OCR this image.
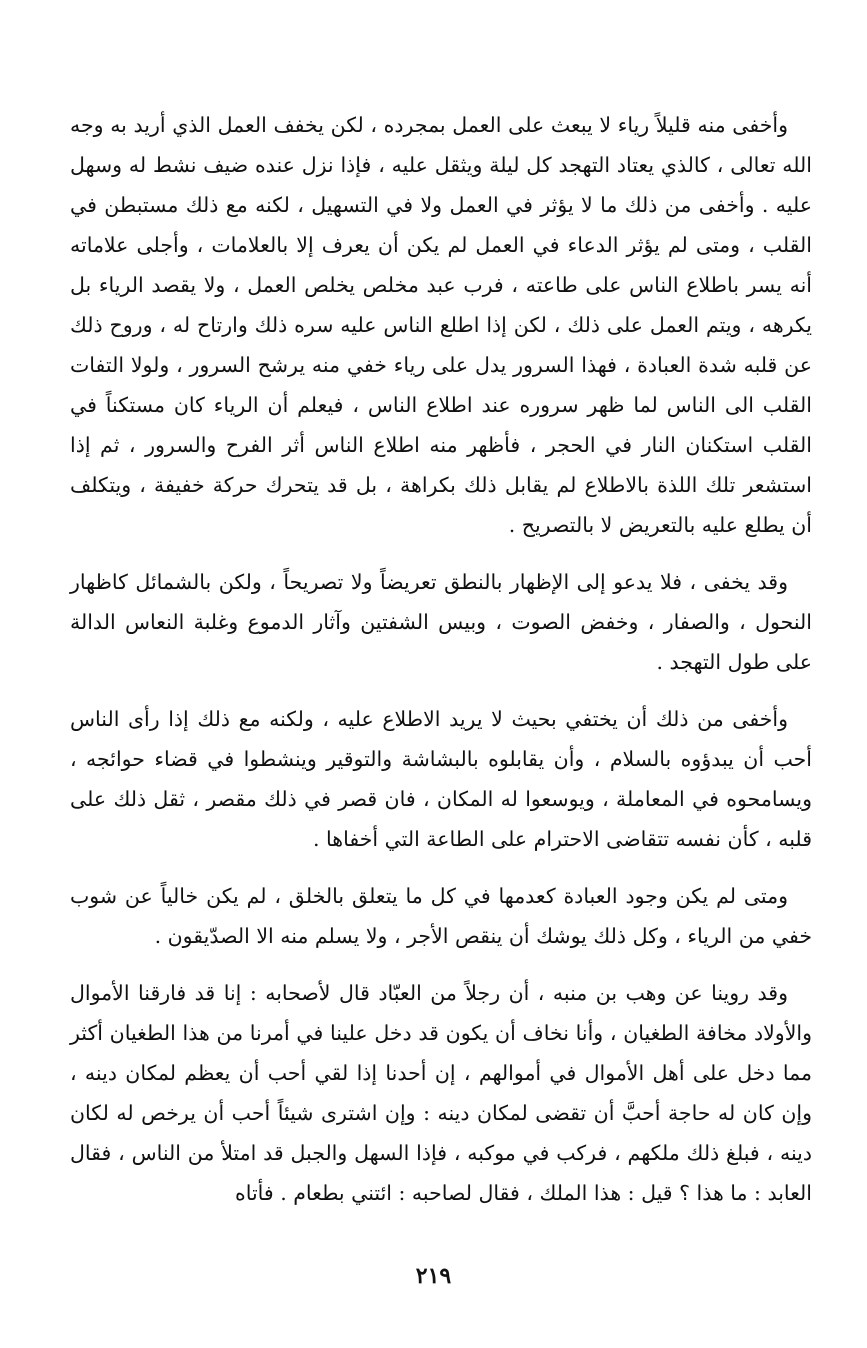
وأخفى منه قليلاً رياء لا يبعث على العمل بمجرده ، لكن يخفف العمل الذي أريد به وجه الله تعالى ، كالذي يعتاد التهجد كل ليلة ويثقل عليه ، فإذا نزل عنده ضيف نشط له وسهل عليه . وأخفى من ذلك ما لا يؤثر في العمل ولا في التسهيل ، لكنه مع ذلك مستبطن في القلب ، ومتى لم يؤثر الدعاء في العمل لم يكن أن يعرف إلا بالعلامات ، وأجلى علاماته أنه يسر باطلاع الناس على طاعته ، فرب عبد مخلص يخلص العمل ، ولا يقصد الرياء بل يكرهه ، ويتم العمل على ذلك ، لكن إذا اطلع الناس عليه سره ذلك وارتاح له ، وروح ذلك عن قلبه شدة العبادة ، فهذا السرور يدل على رياء خفي منه يرشح السرور ، ولولا التفات القلب الى الناس لما ظهر سروره عند اطلاع الناس ، فيعلم أن الرياء كان مستكناً في القلب استكنان النار في الحجر ، فأظهر منه اطلاع الناس أثر الفرح والسرور ، ثم إذا استشعر تلك اللذة بالاطلاع لم يقابل ذلك بكراهة ، بل قد يتحرك حركة خفيفة ، ويتكلف أن يطلع عليه بالتعريض لا بالتصريح .

وقد يخفى ، فلا يدعو إلى الإظهار بالنطق تعريضاً ولا تصريحاً ، ولكن بالشمائل كاظهار النحول ، والصفار ، وخفض الصوت ، وبيس الشفتين وآثار الدموع وغلبة النعاس الدالة على طول التهجد .

وأخفى من ذلك أن يختفي بحيث لا يريد الاطلاع عليه ، ولكنه مع ذلك إذا رأى الناس أحب أن يبدؤوه بالسلام ، وأن يقابلوه بالبشاشة والتوقير وينشطوا في قضاء حوائجه ، ويسامحوه في المعاملة ، ويوسعوا له المكان ، فان قصر في ذلك مقصر ، ثقل ذلك على قلبه ، كأن نفسه تتقاضى الاحترام على الطاعة التي أخفاها .

ومتى لم يكن وجود العبادة كعدمها في كل ما يتعلق بالخلق ، لم يكن خالياً عن شوب خفي من الرياء ، وكل ذلك يوشك أن ينقص الأجر ، ولا يسلم منه الا الصدّيقون .

وقد روينا عن وهب بن منبه ، أن رجلاً من العبّاد قال لأصحابه : إنا قد فارقنا الأموال والأولاد مخافة الطغيان ، وأنا نخاف أن يكون قد دخل علينا في أمرنا من هذا الطغيان أكثر مما دخل على أهل الأموال في أموالهم ، إن أحدنا إذا لقي أحب أن يعظم لمكان دينه ، وإن كان له حاجة أحبَّ أن تقضى لمكان دينه : وإن اشترى شيئاً أحب أن يرخص له لكان دينه ، فبلغ ذلك ملكهم ، فركب في موكبه ، فإذا السهل والجبل قد امتلأ من الناس ، فقال العابد : ما هذا ؟ قيل : هذا الملك ، فقال لصاحبه : ائتني بطعام . فأتاه

٢١٩
